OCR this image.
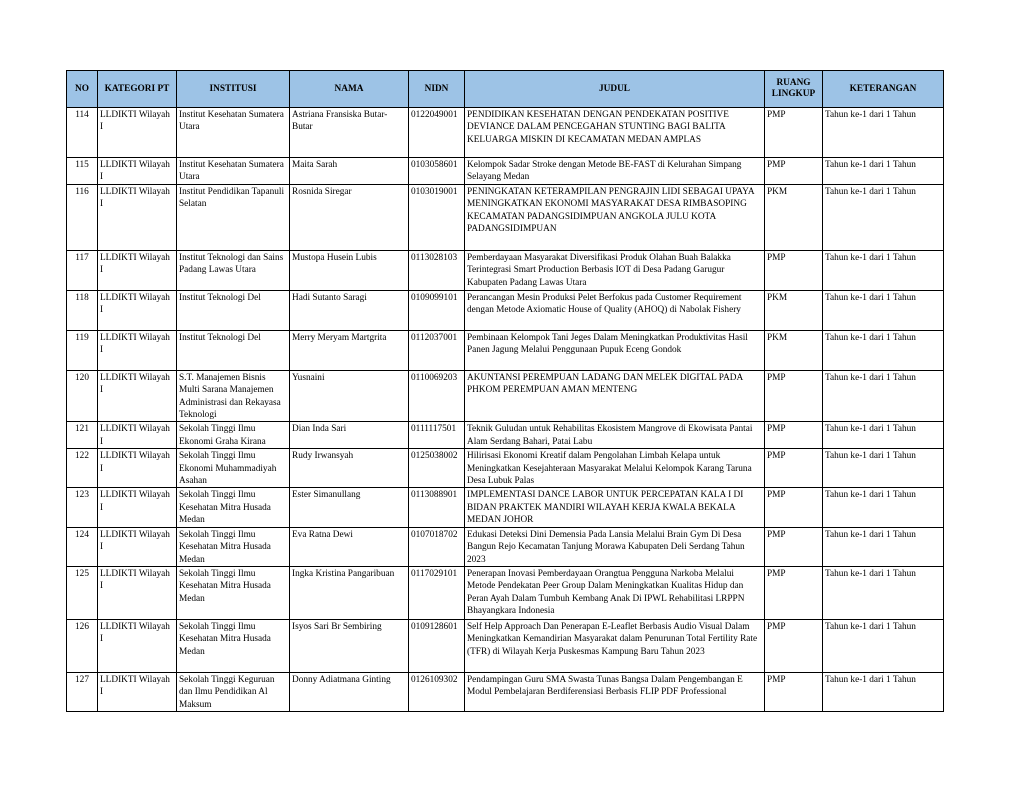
NO	KATEGORI PT	INSTITUSI	NAMA	NIDN	JUDUL	RUANG LINGKUP	KETERANGAN
114	LLDIKTI Wilayah I	Institut Kesehatan Sumatera Utara	Astriana Fransiska Butar-Butar	0122049001	PENDIDIKAN KESEHATAN DENGAN PENDEKATAN POSITIVE DEVIANCE DALAM PENCEGAHAN STUNTING BAGI BALITA KELUARGA MISKIN DI KECAMATAN MEDAN AMPLAS	PMP	Tahun ke-1 dari 1 Tahun
115	LLDIKTI Wilayah I	Institut Kesehatan Sumatera Utara	Maita Sarah	0103058601	Kelompok Sadar Stroke dengan Metode BE-FAST di Kelurahan Simpang Selayang Medan	PMP	Tahun ke-1 dari 1 Tahun
116	LLDIKTI Wilayah I	Institut Pendidikan Tapanuli Selatan	Rosnida Siregar	0103019001	PENINGKATAN KETERAMPILAN PENGRAJIN LIDI SEBAGAI UPAYA MENINGKATKAN EKONOMI MASYARAKAT DESA RIMBASOPING KECAMATAN PADANGSIDIMPUAN ANGKOLA JULU KOTA PADANGSIDIMPUAN	PKM	Tahun ke-1 dari 1 Tahun
117	LLDIKTI Wilayah I	Institut Teknologi dan Sains Padang Lawas Utara	Mustopa Husein Lubis	0113028103	Pemberdayaan Masyarakat Diversifikasi Produk Olahan Buah Balakka Terintegrasi Smart Production Berbasis IOT di Desa Padang Garugur Kabupaten Padang Lawas Utara	PMP	Tahun ke-1 dari 1 Tahun
118	LLDIKTI Wilayah I	Institut Teknologi Del	Hadi Sutanto Saragi	0109099101	Perancangan Mesin Produksi Pelet Berfokus pada Customer Requirement dengan Metode Axiomatic House of Quality (AHOQ) di Nabolak Fishery	PKM	Tahun ke-1 dari 1 Tahun
119	LLDIKTI Wilayah I	Institut Teknologi Del	Merry Meryam Martgrita	0112037001	Pembinaan Kelompok Tani Jeges Dalam Meningkatkan Produktivitas Hasil Panen Jagung Melalui Penggunaan Pupuk Eceng Gondok	PKM	Tahun ke-1 dari 1 Tahun
120	LLDIKTI Wilayah I	S.T. Manajemen Bisnis Multi Sarana Manajemen Administrasi dan Rekayasa Teknologi	Yusnaini	0110069203	AKUNTANSI PEREMPUAN LADANG DAN MELEK DIGITAL PADA PHKOM PEREMPUAN AMAN MENTENG	PMP	Tahun ke-1 dari 1 Tahun
121	LLDIKTI Wilayah I	Sekolah Tinggi Ilmu Ekonomi Graha Kirana	Dian Inda Sari	0111117501	Teknik Guludan untuk Rehabilitas Ekosistem Mangrove di Ekowisata Pantai Alam Serdang Bahari, Patai Labu	PMP	Tahun ke-1 dari 1 Tahun
122	LLDIKTI Wilayah I	Sekolah Tinggi Ilmu Ekonomi Muhammadiyah Asahan	Rudy Irwansyah	0125038002	Hilirisasi Ekonomi Kreatif dalam Pengolahan Limbah Kelapa untuk Meningkatkan Kesejahteraan Masyarakat Melalui Kelompok Karang Taruna Desa Lubuk Palas	PMP	Tahun ke-1 dari 1 Tahun
123	LLDIKTI Wilayah I	Sekolah Tinggi Ilmu Kesehatan Mitra Husada Medan	Ester Simanullang	0113088901	IMPLEMENTASI DANCE LABOR UNTUK PERCEPATAN KALA I DI BIDAN PRAKTEK MANDIRI WILAYAH KERJA KWALA BEKALA MEDAN JOHOR	PMP	Tahun ke-1 dari 1 Tahun
124	LLDIKTI Wilayah I	Sekolah Tinggi Ilmu Kesehatan Mitra Husada Medan	Eva Ratna Dewi	0107018702	Edukasi Deteksi Dini Demensia Pada Lansia Melalui Brain Gym Di Desa Bangun Rejo Kecamatan Tanjung Morawa Kabupaten Deli Serdang Tahun 2023	PMP	Tahun ke-1 dari 1 Tahun
125	LLDIKTI Wilayah I	Sekolah Tinggi Ilmu Kesehatan Mitra Husada Medan	Ingka Kristina Pangaribuan	0117029101	Penerapan Inovasi Pemberdayaan Orangtua Pengguna Narkoba Melalui Metode Pendekatan Peer Group Dalam Meningkatkan Kualitas Hidup dan Peran Ayah Dalam Tumbuh Kembang Anak Di IPWL Rehabilitasi LRPPN Bhayangkara Indonesia	PMP	Tahun ke-1 dari 1 Tahun
126	LLDIKTI Wilayah I	Sekolah Tinggi Ilmu Kesehatan Mitra Husada Medan	Isyos Sari Br Sembiring	0109128601	Self Help Approach Dan Penerapan E-Leaflet Berbasis Audio Visual Dalam Meningkatkan Kemandirian Masyarakat dalam Penurunan Total Fertility Rate (TFR) di Wilayah Kerja Puskesmas Kampung Baru Tahun 2023	PMP	Tahun ke-1 dari 1 Tahun
127	LLDIKTI Wilayah I	Sekolah Tinggi Keguruan dan Ilmu Pendidikan Al Maksum	Donny Adiatmana Ginting	0126109302	Pendampingan Guru SMA Swasta Tunas Bangsa Dalam Pengembangan E Modul Pembelajaran Berdiferensiasi Berbasis FLIP PDF Professional	PMP	Tahun ke-1 dari 1 Tahun
